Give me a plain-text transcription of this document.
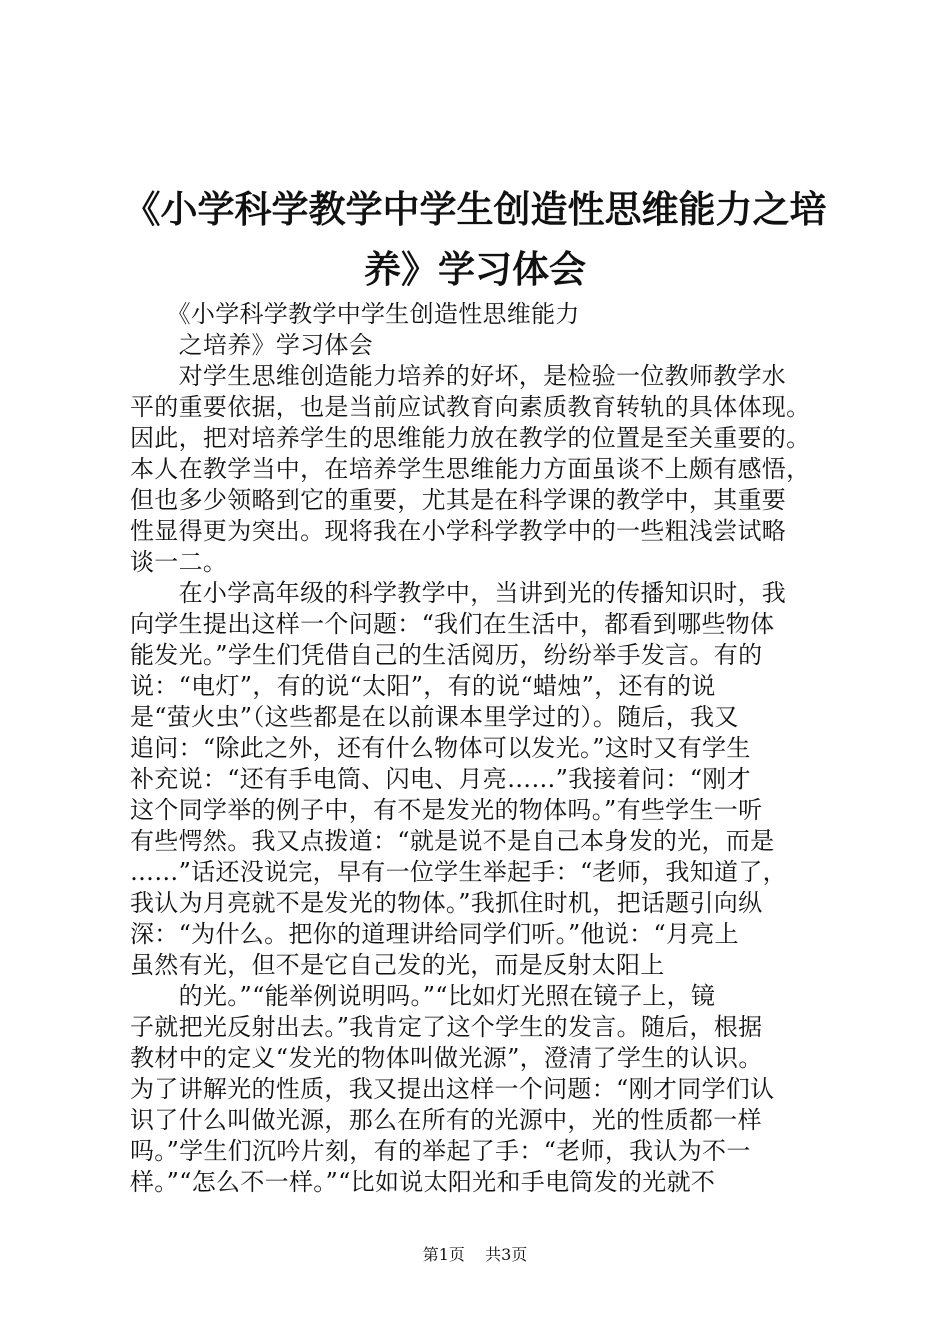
《小学科学教学中学生创造性思维能力之培
养》学习体会
　　《小学科学教学中学生创造性思维能力
　　之培养》学习体会
　　对学生思维创造能力培养的好坏，是检验一位教师教学水
平的重要依据，也是当前应试教育向素质教育转轨的具体体现。
因此，把对培养学生的思维能力放在教学的位置是至关重要的。
本人在教学当中，在培养学生思维能力方面虽谈不上颇有感悟，
但也多少领略到它的重要，尤其是在科学课的教学中，其重要
性显得更为突出。现将我在小学科学教学中的一些粗浅尝试略
谈一二。
　　在小学高年级的科学教学中，当讲到光的传播知识时，我
向学生提出这样一个问题：“我们在生活中，都看到哪些物体
能发光。”学生们凭借自己的生活阅历，纷纷举手发言。有的
说：“电灯”，有的说“太阳”，有的说“蜡烛”，还有的说
是“萤火虫”（这些都是在以前课本里学过的）。随后，我又
追问：“除此之外，还有什么物体可以发光。”这时又有学生
补充说：“还有手电筒、闪电、月亮……”我接着问：“刚才
这个同学举的例子中，有不是发光的物体吗。”有些学生一听
有些愕然。我又点拨道：“就是说不是自己本身发的光，而是
……”话还没说完，早有一位学生举起手：“老师，我知道了，
我认为月亮就不是发光的物体。”我抓住时机，把话题引向纵
深：“为什么。把你的道理讲给同学们听。”他说：“月亮上
虽然有光，但不是它自己发的光，而是反射太阳上
　　的光。”“能举例说明吗。”“比如灯光照在镜子上，镜
子就把光反射出去。”我肯定了这个学生的发言。随后，根据
教材中的定义“发光的物体叫做光源”，澄清了学生的认识。
为了讲解光的性质，我又提出这样一个问题：“刚才同学们认
识了什么叫做光源，那么在所有的光源中，光的性质都一样
吗。”学生们沉吟片刻，有的举起了手：“老师，我认为不一
样。”“怎么不一样。”“比如说太阳光和手电筒发的光就不
第1页 共3页
